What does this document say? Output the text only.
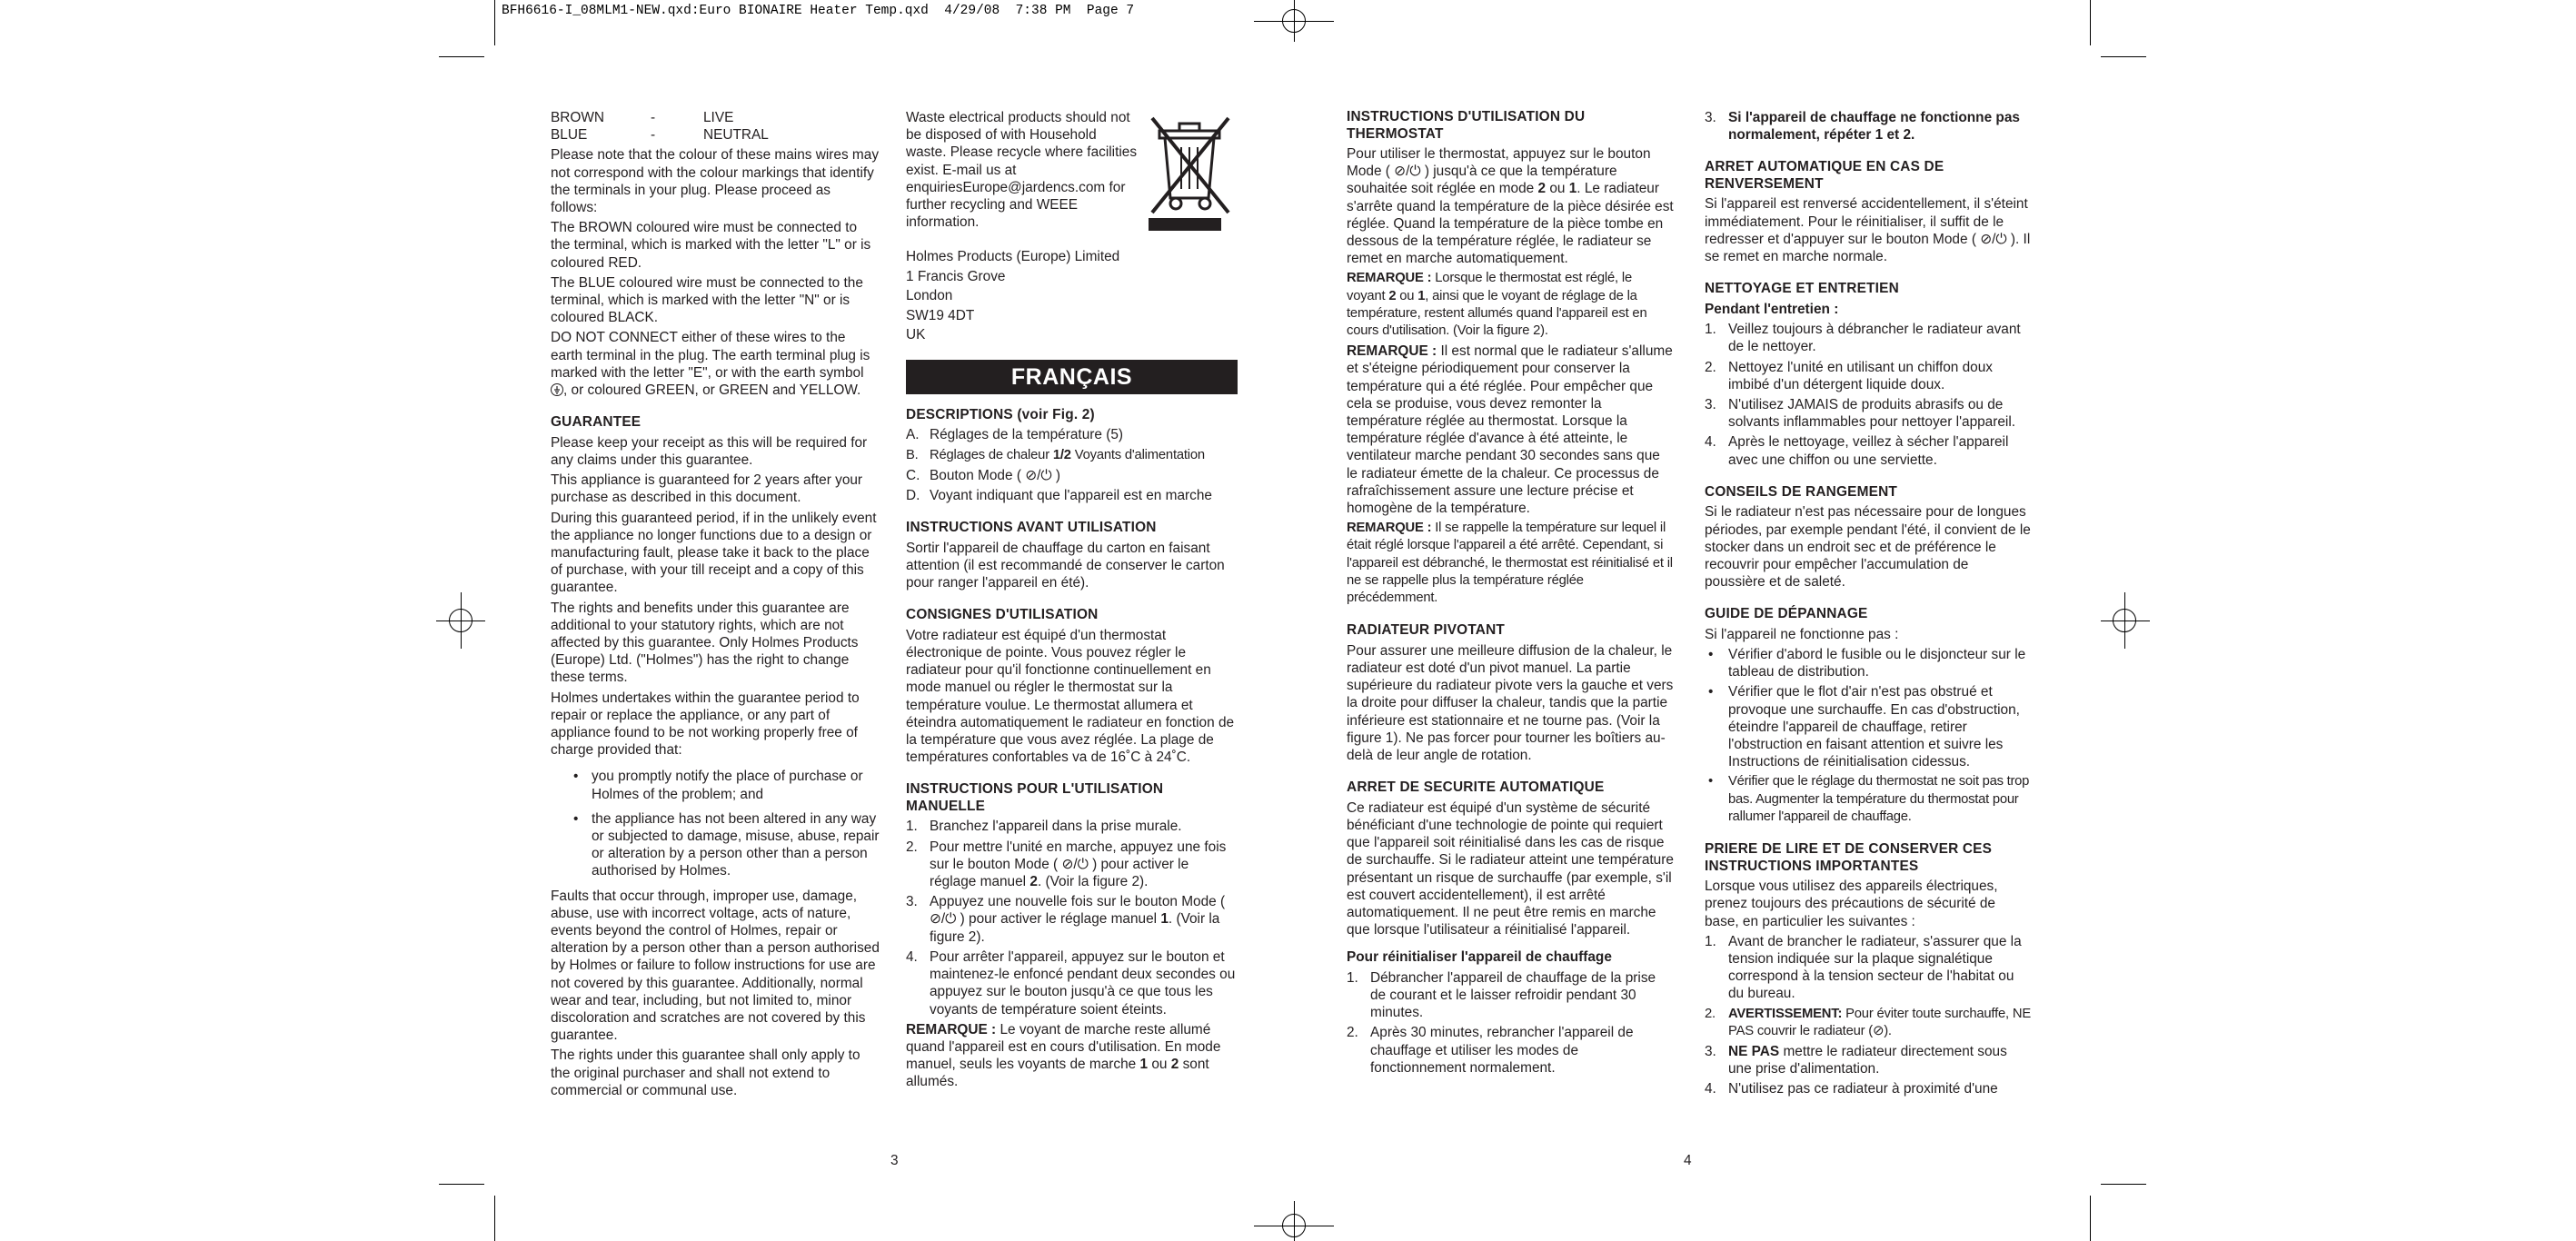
BFH6616-I_08MLM1-NEW.qxd:Euro BIONAIRE Heater Temp.qxd  4/29/08  7:38 PM  Page 7
BROWN	-	LIVE
BLUE	-	NEUTRAL

Please note that the colour of these mains wires may not correspond with the colour markings that identify the terminals in your plug. Please proceed as follows:

The BROWN coloured wire must be connected to the terminal, which is marked with the letter "L" or is coloured RED.

The BLUE coloured wire must be connected to the terminal, which is marked with the letter "N" or is coloured BLACK.

DO NOT CONNECT either of these wires to the earth terminal in the plug. The earth terminal plug is marked with the letter "E", or with the earth symbol
, or coloured GREEN, or GREEN and YELLOW.

GUARANTEE

Please keep your receipt as this will be required for any claims under this guarantee.

This appliance is guaranteed for 2 years after your purchase as described in this document.

During this guaranteed period, if in the unlikely event the appliance no longer functions due to a design or manufacturing fault, please take it back to the place of purchase, with your till receipt and a copy of this guarantee.

The rights and benefits under this guarantee are additional to your statutory rights, which are not affected by this guarantee. Only Holmes Products (Europe) Ltd. ("Holmes") has the right to change these terms.

Holmes undertakes within the guarantee period to repair or replace the appliance, or any part of appliance found to be not working properly free of charge provided that:

• you promptly notify the place of purchase or Holmes of the problem; and
• the appliance has not been altered in any way or subjected to damage, misuse, abuse, repair or alteration by a person other than a person authorised by Holmes.

Faults that occur through, improper use, damage, abuse, use with incorrect voltage, acts of nature, events beyond the control of Holmes, repair or alteration by a person other than a person authorised by Holmes or failure to follow instructions for use are not covered by this guarantee. Additionally, normal wear and tear, including, but not limited to, minor discoloration and scratches are not covered by this guarantee.

The rights under this guarantee shall only apply to the original purchaser and shall not extend to commercial or communal use.

Waste electrical products should not be disposed of with Household waste. Please recycle where facilities exist. E-mail us at enquiriesEurope@jardencs.com for further recycling and WEEE information.

Holmes Products (Europe) Limited
1 Francis Grove
London
SW19 4DT
UK
FRANÇAIS
DESCRIPTIONS (voir Fig. 2)
A. Réglages de la température (5)
B. Réglages de chaleur 1/2 Voyants d'alimentation
C. Bouton Mode ( ⊘/⏻ )
D. Voyant indiquant que l'appareil est en marche
INSTRUCTIONS AVANT UTILISATION

Sortir l'appareil de chauffage du carton en faisant attention (il est recommandé de conserver le carton pour ranger l'appareil en été).

CONSIGNES D'UTILISATION

Votre radiateur est équipé d'un thermostat électronique de pointe. Vous pouvez régler le radiateur pour qu'il fonctionne continuellement en mode manuel ou régler le thermostat sur la température voulue. Le thermostat allumera et éteindra automatiquement le radiateur en fonction de la température que vous avez réglée. La plage de températures confortables va de 16˚C à 24˚C.

INSTRUCTIONS POUR L'UTILISATION MANUELLE
1. Branchez l'appareil dans la prise murale.
2. Pour mettre l'unité en marche, appuyez une fois sur le bouton Mode ( ⊘/⏻ ) pour activer le réglage manuel 2. (Voir la figure 2).
3. Appuyez une nouvelle fois sur le bouton Mode ( ⊘/⏻ ) pour activer le réglage manuel 1. (Voir la figure 2).
4. Pour arrêter l'appareil, appuyez sur le bouton et maintenez-le enfoncé pendant deux secondes ou appuyez sur le bouton jusqu'à ce que tous les voyants de température soient éteints.

REMARQUE : Le voyant de marche reste allumé quand l'appareil est en cours d'utilisation. En mode manuel, seuls les voyants de marche 1 ou 2 sont allumés.

INSTRUCTIONS D'UTILISATION DU THERMOSTAT

Pour utiliser le thermostat, appuyez sur le bouton Mode ( ⊘/⏻ ) jusqu'à ce que la température souhaitée soit réglée en mode 2 ou 1. Le radiateur s'arrête quand la température de la pièce désirée est réglée. Quand la température de la pièce tombe en dessous de la température réglée, le radiateur se remet en marche automatiquement.

REMARQUE : Lorsque le thermostat est réglé, le voyant 2 ou 1, ainsi que le voyant de réglage de la température, restent allumés quand l'appareil est en cours d'utilisation. (Voir la figure 2).

REMARQUE : Il est normal que le radiateur s'allume et s'éteigne périodiquement pour conserver la température qui a été réglée. Pour empêcher que cela se produise, vous devez remonter la température réglée au thermostat. Lorsque la température réglée d'avance à été atteinte, le ventilateur marche pendant 30 secondes sans que le radiateur émette de la chaleur. Ce processus de rafraîchissement assure une lecture précise et homogène de la température.

REMARQUE : Il se rappelle la température sur lequel il était réglé lorsque l'appareil a été arrêté. Cependant, si l'appareil est débranché, le thermostat est réinitialisé et il ne se rappelle plus la température réglée précédemment.

RADIATEUR PIVOTANT

Pour assurer une meilleure diffusion de la chaleur, le radiateur est doté d'un pivot manuel. La partie supérieure du radiateur pivote vers la gauche et vers la droite pour diffuser la chaleur, tandis que la partie inférieure est stationnaire et ne tourne pas. (Voir la figure 1). Ne pas forcer pour tourner les boîtiers au-delà de leur angle de rotation.

ARRET DE SECURITE AUTOMATIQUE

Ce radiateur est équipé d'un système de sécurité bénéficiant d'une technologie de pointe qui requiert que l'appareil soit réinitialisé dans les cas de risque de surchauffe. Si le radiateur atteint une température présentant un risque de surchauffe (par exemple, s'il est couvert accidentellement), il est arrêté automatiquement. Il ne peut être remis en marche que lorsque l'utilisateur a réinitialisé l'appareil.

Pour réinitialiser l'appareil de chauffage
1. Débrancher l'appareil de chauffage de la prise de courant et le laisser refroidir pendant 30 minutes.
2. Après 30 minutes, rebrancher l'appareil de chauffage et utiliser les modes de fonctionnement normalement.
3. Si l'appareil de chauffage ne fonctionne pas normalement, répéter 1 et 2.
ARRET AUTOMATIQUE EN CAS DE RENVERSEMENT

Si l'appareil est renversé accidentellement, il s'éteint immédiatement. Pour le réinitialiser, il suffit de le redresser et d'appuyer sur le bouton Mode ( ⊘/⏻ ). Il se remet en marche normale.

NETTOYAGE ET ENTRETIEN
Pendant l'entretien :
1. Veillez toujours à débrancher le radiateur avant de le nettoyer.
2. Nettoyez l'unité en utilisant un chiffon doux imbibé d'un détergent liquide doux.
3. N'utilisez JAMAIS de produits abrasifs ou de solvants inflammables pour nettoyer l'appareil.
4. Après le nettoyage, veillez à sécher l'appareil avec une chiffon ou une serviette.
CONSEILS DE RANGEMENT

Si le radiateur n'est pas nécessaire pour de longues périodes, par exemple pendant l'été, il convient de le stocker dans un endroit sec et de préférence le recouvrir pour empêcher l'accumulation de poussière et de saleté.

GUIDE DE DÉPANNAGE

Si l'appareil ne fonctionne pas :

• Vérifier d'abord le fusible ou le disjoncteur sur le tableau de distribution.
• Vérifier que le flot d'air n'est pas obstrué et provoque une surchauffe. En cas d'obstruction, éteindre l'appareil de chauffage, retirer l'obstruction en faisant attention et suivre les Instructions de réinitialisation cidessus.
• Vérifier que le réglage du thermostat ne soit pas trop bas. Augmenter la température du thermostat pour rallumer l'appareil de chauffage.
PRIERE DE LIRE ET DE CONSERVER CES INSTRUCTIONS IMPORTANTES

Lorsque vous utilisez des appareils électriques, prenez toujours des précautions de sécurité de base, en particulier les suivantes :

1. Avant de brancher le radiateur, s'assurer que la tension indiquée sur la plaque signalétique correspond à la tension secteur de l'habitat ou du bureau.
2. AVERTISSEMENT: Pour éviter toute surchauffe, NE PAS couvrir le radiateur (⊘).
3. NE PAS mettre le radiateur directement sous une prise d'alimentation.
4. N'utilisez pas ce radiateur à proximité d'une
3	4
